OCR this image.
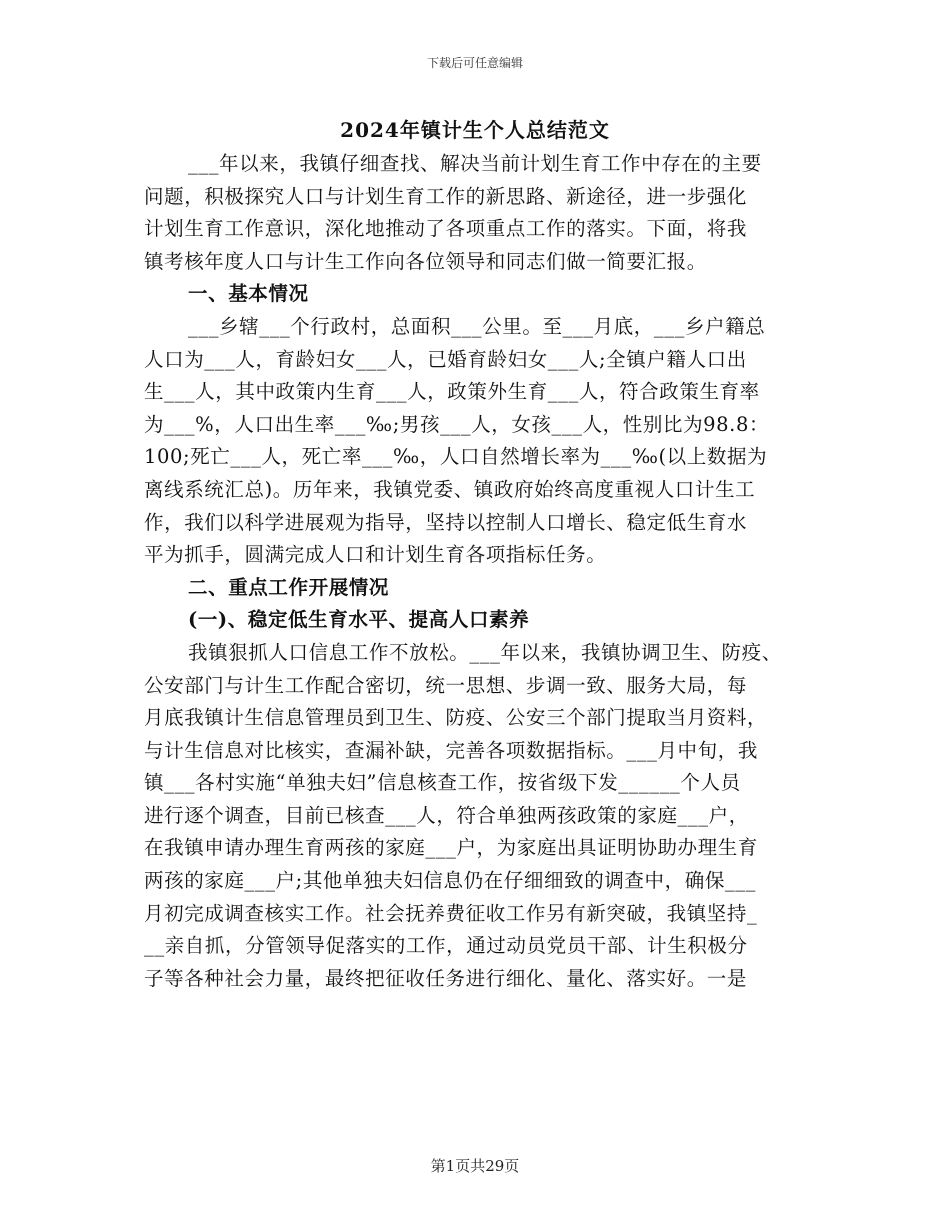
下载后可任意编辑
2024年镇计生个人总结范文
___年以来，我镇仔细查找、解决当前计划生育工作中存在的主要
问题，积极探究人口与计划生育工作的新思路、新途径，进一步强化
计划生育工作意识，深化地推动了各项重点工作的落实。下面，将我
镇考核年度人口与计生工作向各位领导和同志们做一简要汇报。
一、基本情况
___乡辖___个行政村，总面积___公里。至___月底，___乡户籍总
人口为___人，育龄妇女___人，已婚育龄妇女___人;全镇户籍人口出
生___人，其中政策内生育___人，政策外生育___人，符合政策生育率
为___%，人口出生率___‰;男孩___人，女孩___人，性别比为98.8：
100;死亡___人，死亡率___‰，人口自然增长率为___‰(以上数据为
离线系统汇总)。历年来，我镇党委、镇政府始终高度重视人口计生工
作，我们以科学进展观为指导，坚持以控制人口增长、稳定低生育水
平为抓手，圆满完成人口和计划生育各项指标任务。
二、重点工作开展情况
(一)、稳定低生育水平、提高人口素养
我镇狠抓人口信息工作不放松。___年以来，我镇协调卫生、防疫、
公安部门与计生工作配合密切，统一思想、步调一致、服务大局，每
月底我镇计生信息管理员到卫生、防疫、公安三个部门提取当月资料，
与计生信息对比核实，查漏补缺，完善各项数据指标。___月中旬，我
镇___各村实施“单独夫妇”信息核查工作，按省级下发______个人员
进行逐个调查，目前已核查___人，符合单独两孩政策的家庭___户，
在我镇申请办理生育两孩的家庭___户，为家庭出具证明协助办理生育
两孩的家庭___户;其他单独夫妇信息仍在仔细细致的调查中，确保___
月初完成调查核实工作。社会抚养费征收工作另有新突破，我镇坚持_
__亲自抓，分管领导促落实的工作，通过动员党员干部、计生积极分
子等各种社会力量，最终把征收任务进行细化、量化、落实好。一是
第1页共29页
